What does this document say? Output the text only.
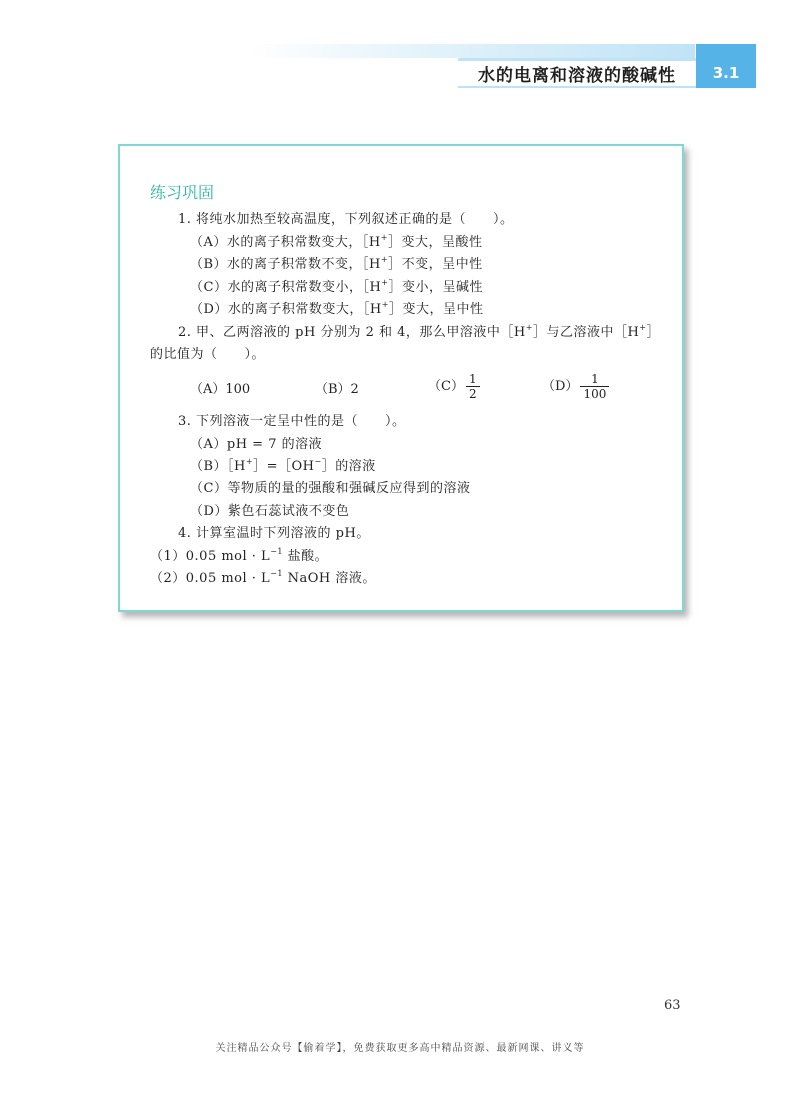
水的电离和溶液的酸碱性	3.1
练习巩固
1. 将纯水加热至较高温度，下列叙述正确的是（　　）。
（A）水的离子积常数变大，［H+］变大，呈酸性
（B）水的离子积常数不变，［H+］不变，呈中性
（C）水的离子积常数变小，［H+］变小，呈碱性
（D）水的离子积常数变大，［H+］变大，呈中性
2. 甲、乙两溶液的 pH 分别为 2 和 4，那么甲溶液中［H+］与乙溶液中［H+］
的比值为（　　）。
（A）100	（B）2	$(C) \frac{1}{2}$	$(D) \frac{1}{100}$
3. 下列溶液一定呈中性的是（　　）。
（A）pH = 7 的溶液
（B）［H+］=［OH−］的溶液
（C）等物质的量的强酸和强碱反应得到的溶液
（D）紫色石蕊试液不变色
4. 计算室温时下列溶液的 pH。
（1）0.05 mol · $L^{-1}$ 盐酸。
（2）0.05 mol · $L^{-1}$ NaOH 溶液。
63
关注精品公众号【偷着学】，免费获取更多高中精品资源、最新网课、讲义等
